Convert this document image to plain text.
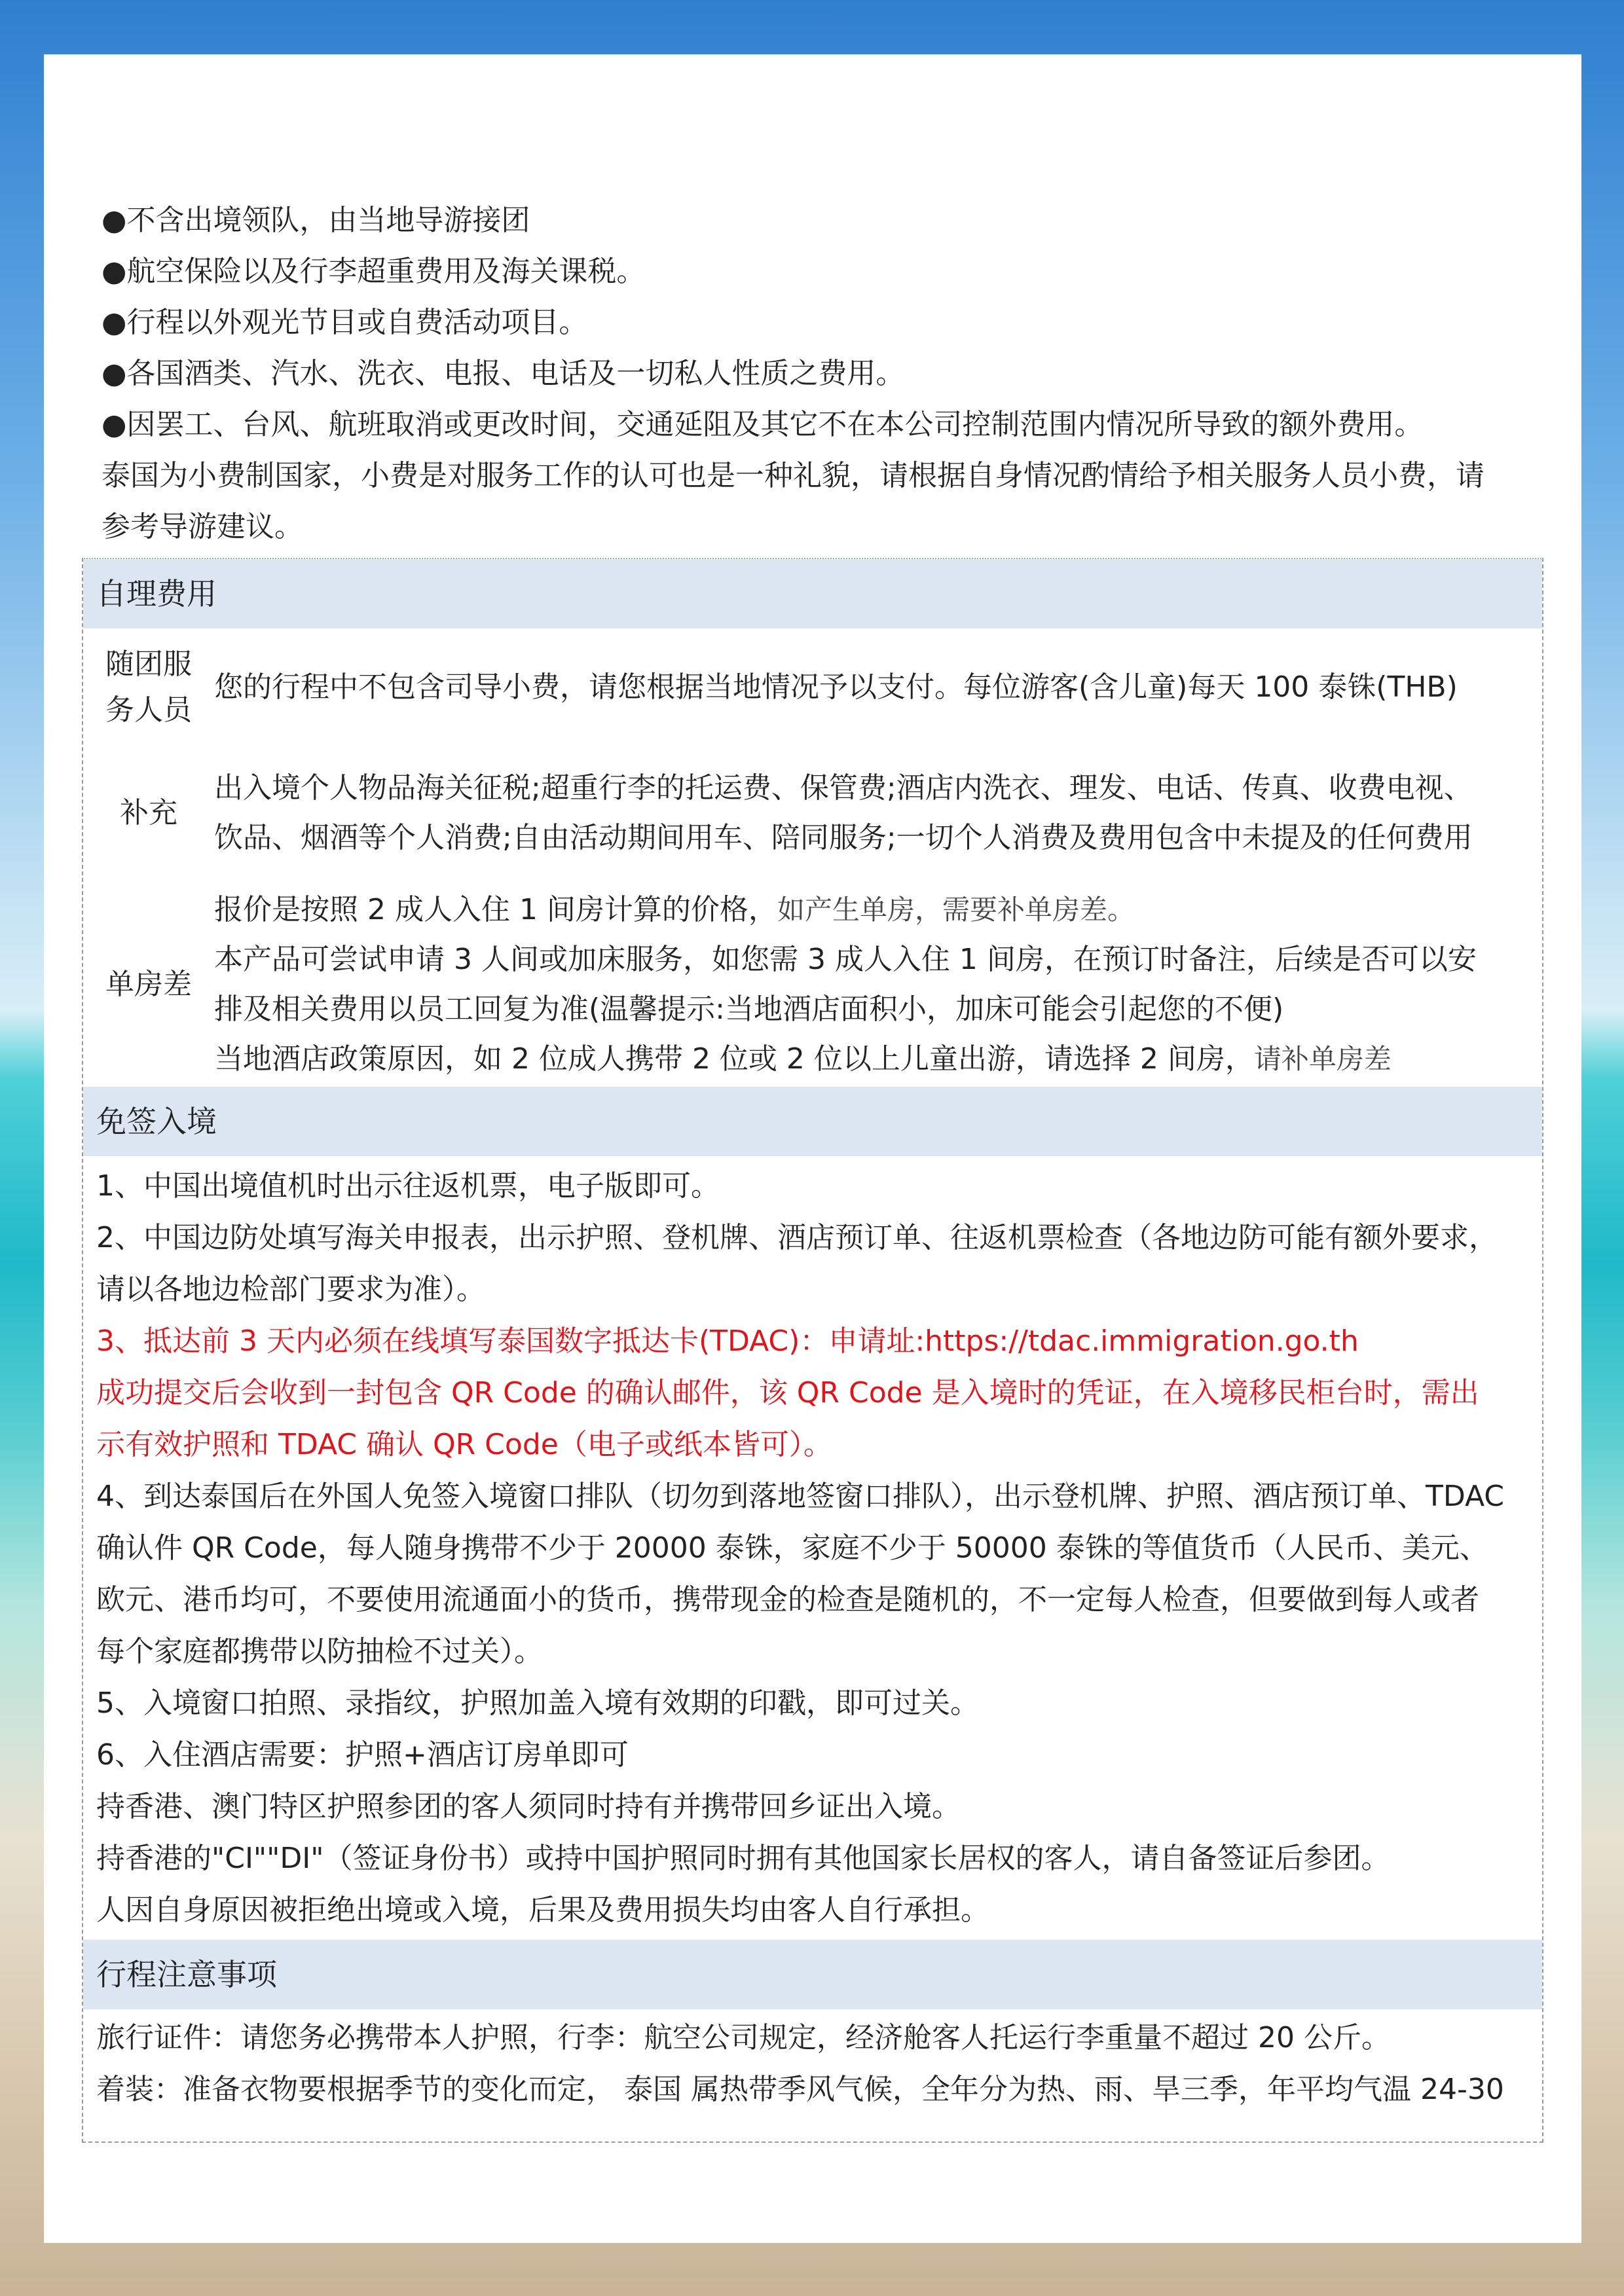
●不含出境领队，由当地导游接团
●航空保险以及行李超重费用及海关课税。
●行程以外观光节目或自费活动项目。
●各国酒类、汽水、洗衣、电报、电话及一切私人性质之费用。
●因罢工、台风、航班取消或更改时间，交通延阻及其它不在本公司控制范围内情况所导致的额外费用。
泰国为小费制国家，小费是对服务工作的认可也是一种礼貌，请根据自身情况酌情给予相关服务人员小费，请
参考导游建议。
自理费用
随团服
务人员
您的行程中不包含司导小费，请您根据当地情况予以支付。每位游客(含儿童)每天 100 泰铢(THB)
补充
出入境个人物品海关征税;超重行李的托运费、保管费;酒店内洗衣、理发、电话、传真、收费电视、
饮品、烟酒等个人消费;自由活动期间用车、陪同服务;一切个人消费及费用包含中未提及的任何费用
单房差
报价是按照 2 成人入住 1 间房计算的价格，如产生单房，需要补单房差。
本产品可尝试申请 3 人间或加床服务，如您需 3 成人入住 1 间房，在预订时备注，后续是否可以安
排及相关费用以员工回复为准(温馨提示:当地酒店面积小，加床可能会引起您的不便)
当地酒店政策原因，如 2 位成人携带 2 位或 2 位以上儿童出游，请选择 2 间房，请补单房差
免签入境
1、中国出境值机时出示往返机票，电子版即可。
2、中国边防处填写海关申报表，出示护照、登机牌、酒店预订单、往返机票检查（各地边防可能有额外要求，
请以各地边检部门要求为准）。
3、抵达前 3 天内必须在线填写泰国数字抵达卡(TDAC)：申请址:https://tdac.immigration.go.th
成功提交后会收到一封包含 QR Code 的确认邮件，该 QR Code 是入境时的凭证，在入境移民柜台时，需出
示有效护照和 TDAC 确认 QR Code（电子或纸本皆可）。
4、到达泰国后在外国人免签入境窗口排队（切勿到落地签窗口排队），出示登机牌、护照、酒店预订单、TDAC
确认件 QR Code，每人随身携带不少于 20000 泰铢，家庭不少于 50000 泰铢的等值货币（人民币、美元、
欧元、港币均可，不要使用流通面小的货币，携带现金的检查是随机的，不一定每人检查，但要做到每人或者
每个家庭都携带以防抽检不过关）。
5、入境窗口拍照、录指纹，护照加盖入境有效期的印戳，即可过关。
6、入住酒店需要：护照+酒店订房单即可
持香港、澳门特区护照参团的客人须同时持有并携带回乡证出入境。
持香港的"CI""DI"（签证身份书）或持中国护照同时拥有其他国家长居权的客人，请自备签证后参团。
人因自身原因被拒绝出境或入境，后果及费用损失均由客人自行承担。
行程注意事项
旅行证件：请您务必携带本人护照，行李：航空公司规定，经济舱客人托运行李重量不超过 20 公斤。
着装：准备衣物要根据季节的变化而定， 泰国 属热带季风气候，全年分为热、雨、旱三季，年平均气温 24-30
